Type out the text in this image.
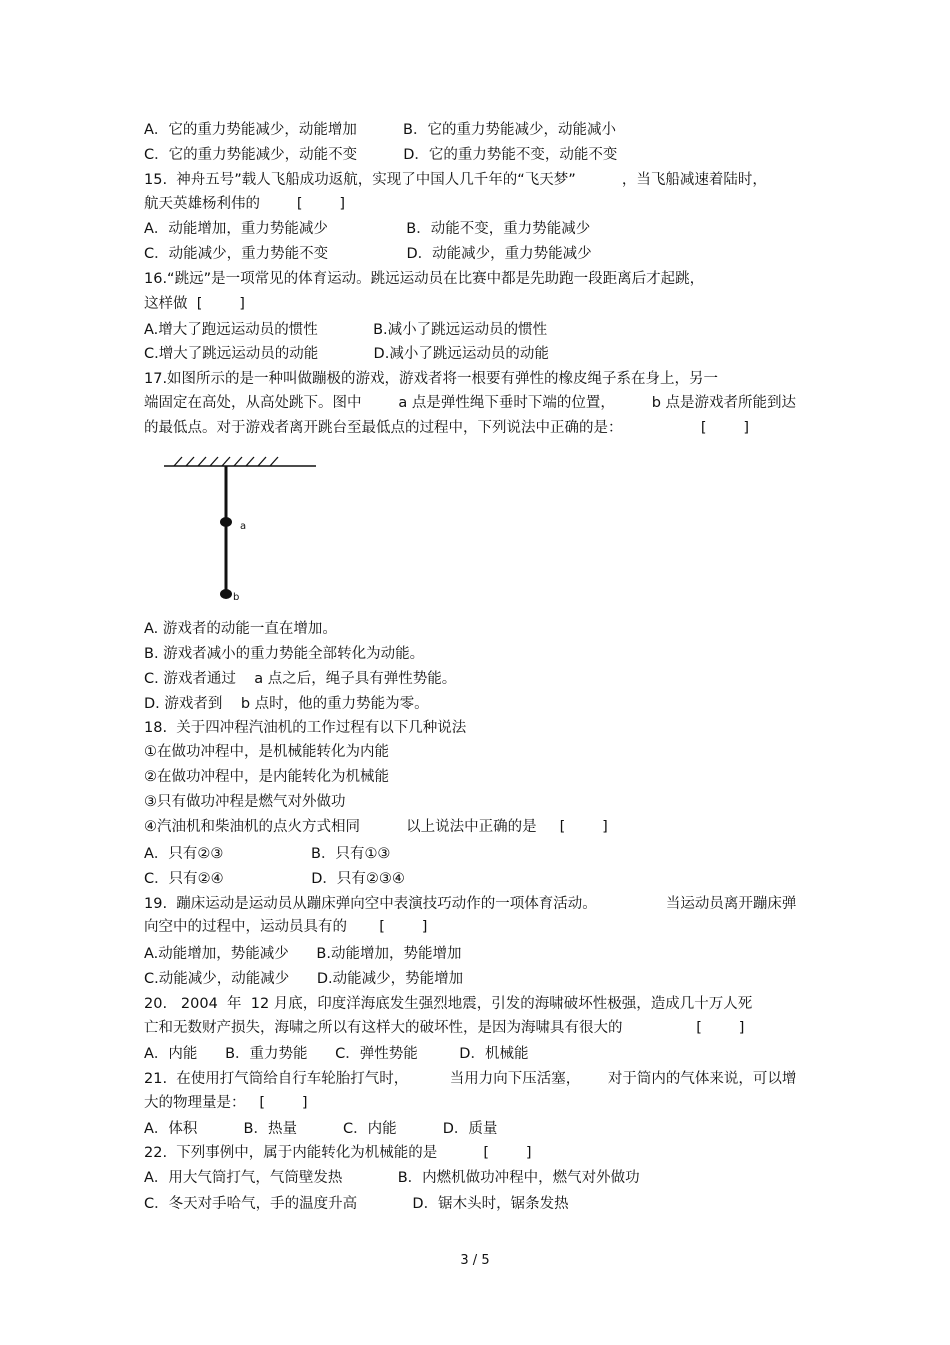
A．它的重力势能减少，动能增加          B．它的重力势能减少，动能减小
C．它的重力势能减少，动能不变          D．它的重力势能不变，动能不变
15.  神舟五号”载人飞船成功返航，实现了中国人几千年的“飞天梦”          ，当飞船减速着陆时，
航天英雄杨利伟的        [        ]
A．动能增加，重力势能减少                 B．动能不变，重力势能减少
C．动能减少，重力势能不变                 D．动能减少，重力势能减少
16.“跳远”是一项常见的体育运动。跳远运动员在比赛中都是先助跑一段距离后才起跳，
这样做  [        ]
A.增大了跑远运动员的惯性            B.减小了跳远运动员的惯性
C.增大了跳远运动员的动能            D.减小了跳远运动员的动能
17.如图所示的是一种叫做蹦极的游戏，游戏者将一根要有弹性的橡皮绳子系在身上，另一
端固定在高处，从高处跳下。图中        a 点是弹性绳下垂时下端的位置，        b 点是游戏者所能到达
的最低点。对于游戏者离开跳台至最低点的过程中，下列说法中正确的是：                 [        ]
a
b
A. 游戏者的动能一直在增加。
B. 游戏者减小的重力势能全部转化为动能。
C. 游戏者通过    a 点之后，绳子具有弹性势能。
D. 游戏者到    b 点时，他的重力势能为零。
18.  关于四冲程汽油机的工作过程有以下几种说法
①在做功冲程中，是机械能转化为内能
②在做功冲程中，是内能转化为机械能
③只有做功冲程是燃气对外做功
④汽油机和柴油机的点火方式相同          以上说法中正确的是     [        ]
A．只有②③                   B．只有①③
C．只有②④                   D．只有②③④
19.  蹦床运动是运动员从蹦床弹向空中表演技巧动作的一项体育活动。               当运动员离开蹦床弹
向空中的过程中，运动员具有的       [        ]
A.动能增加，势能减少      B.动能增加，势能增加
C.动能减少，动能减少      D.动能减少，势能增加
20.   2004  年  12 月底，印度洋海底发生强烈地震，引发的海啸破坏性极强，造成几十万人死
亡和无数财产损失，海啸之所以有这样大的破坏性，是因为海啸具有很大的                [        ]
A．内能      B．重力势能      C．弹性势能         D．机械能
21.  在使用打气筒给自行车轮胎打气时，         当用力向下压活塞，      对于筒内的气体来说，可以增
大的物理量是：   [        ]
A．体积          B．热量          C．内能          D．质量
22.  下列事例中，属于内能转化为机械能的是          [        ]
A．用大气筒打气，气筒壁发热            B．内燃机做功冲程中，燃气对外做功
C．冬天对手哈气，手的温度升高            D．锯木头时，锯条发热
3 / 5
